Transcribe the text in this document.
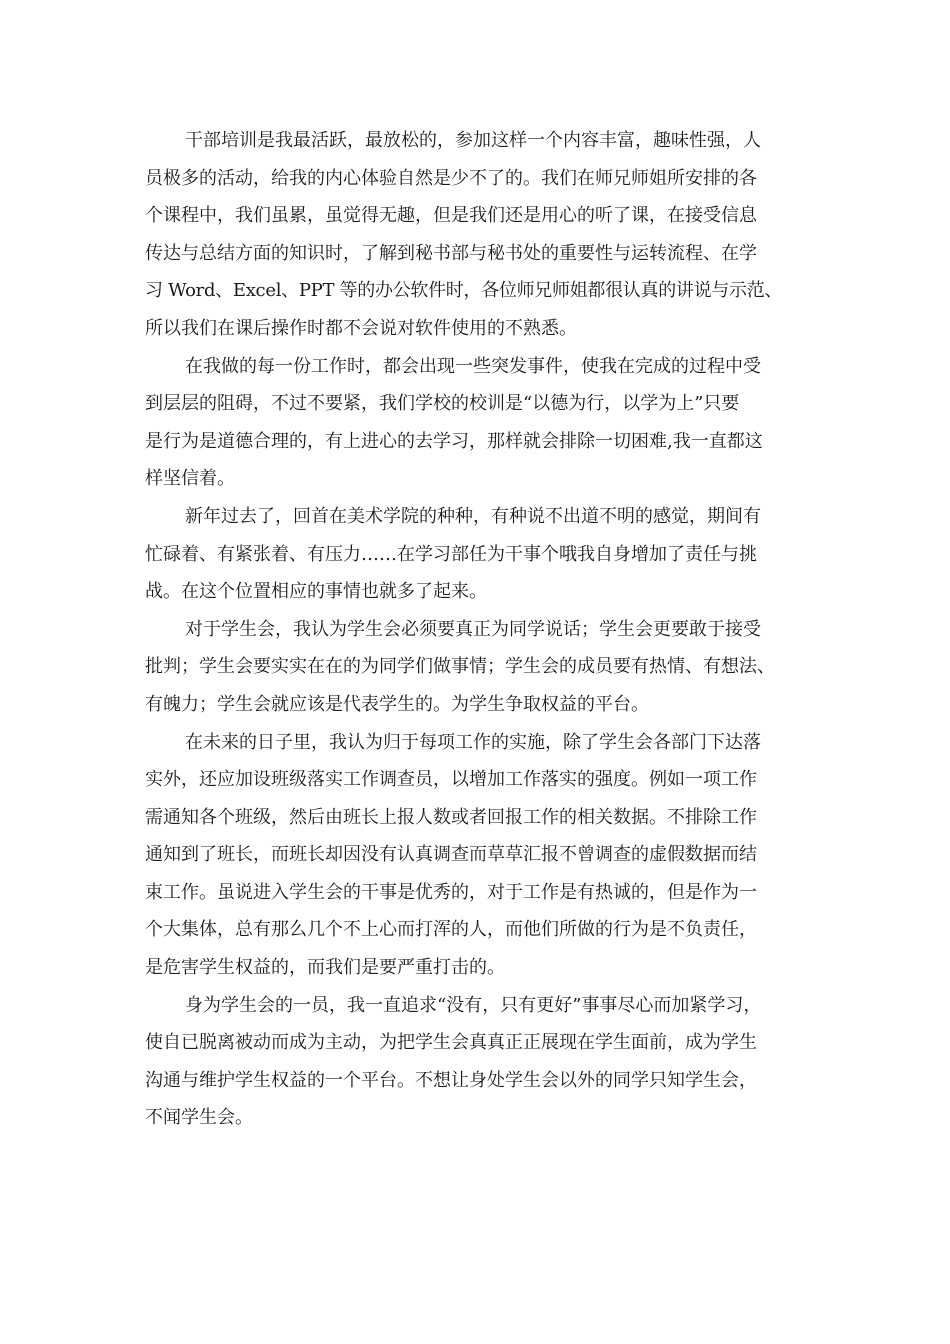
干部培训是我最活跃，最放松的，参加这样一个内容丰富，趣味性强，人
员极多的活动，给我的内心体验自然是少不了的。我们在师兄师姐所安排的各
个课程中，我们虽累，虽觉得无趣，但是我们还是用心的听了课，在接受信息
传达与总结方面的知识时，了解到秘书部与秘书处的重要性与运转流程、在学
习 Word、Excel、PPT 等的办公软件时，各位师兄师姐都很认真的讲说与示范、
所以我们在课后操作时都不会说对软件使用的不熟悉。
在我做的每一份工作时，都会出现一些突发事件，使我在完成的过程中受
到层层的阻碍，不过不要紧，我们学校的校训是“以德为行，以学为上”只要
是行为是道德合理的，有上进心的去学习，那样就会排除一切困难,我一直都这
样坚信着。
新年过去了，回首在美术学院的种种，有种说不出道不明的感觉，期间有
忙碌着、有紧张着、有压力……在学习部任为干事个哦我自身增加了责任与挑
战。在这个位置相应的事情也就多了起来。
对于学生会，我认为学生会必须要真正为同学说话；学生会更要敢于接受
批判；学生会要实实在在的为同学们做事情；学生会的成员要有热情、有想法、
有魄力；学生会就应该是代表学生的。为学生争取权益的平台。
在未来的日子里，我认为归于每项工作的实施，除了学生会各部门下达落
实外，还应加设班级落实工作调查员，以增加工作落实的强度。例如一项工作
需通知各个班级，然后由班长上报人数或者回报工作的相关数据。不排除工作
通知到了班长，而班长却因没有认真调查而草草汇报不曾调查的虚假数据而结
束工作。虽说进入学生会的干事是优秀的，对于工作是有热诚的，但是作为一
个大集体，总有那么几个不上心而打浑的人，而他们所做的行为是不负责任，
是危害学生权益的，而我们是要严重打击的。
身为学生会的一员，我一直追求“没有，只有更好”事事尽心而加紧学习，
使自已脱离被动而成为主动，为把学生会真真正正展现在学生面前，成为学生
沟通与维护学生权益的一个平台。不想让身处学生会以外的同学只知学生会，
不闻学生会。
